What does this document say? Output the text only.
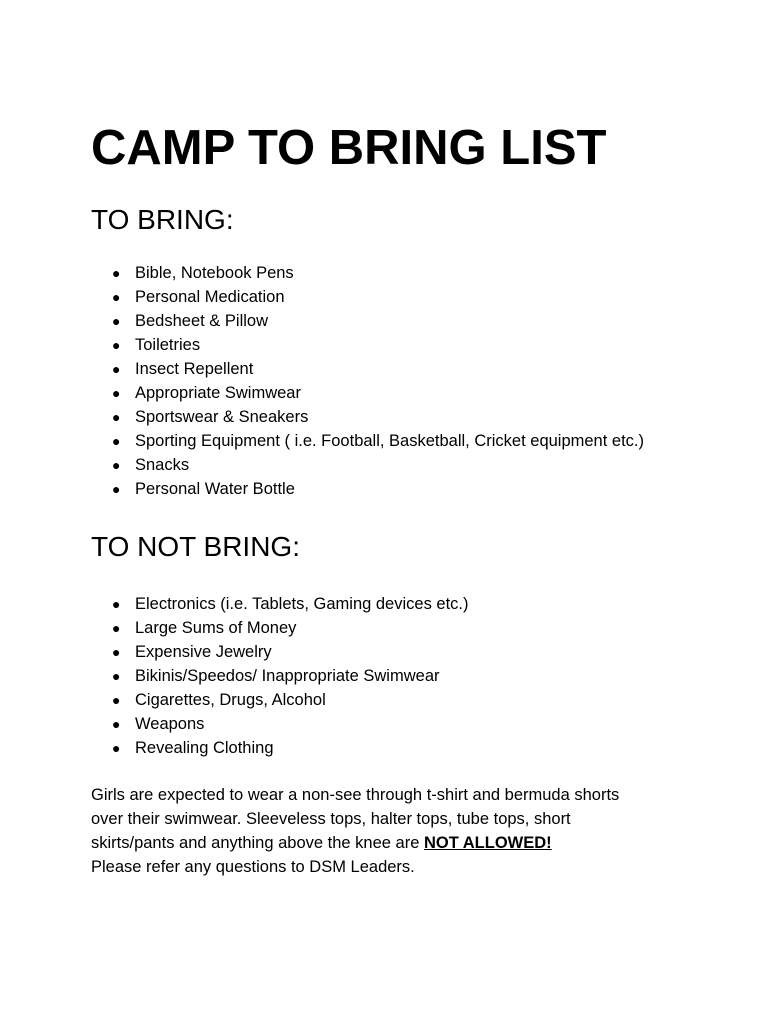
CAMP TO BRING LIST
TO BRING:
● Bible, Notebook Pens
● Personal Medication
● Bedsheet & Pillow
● Toiletries
● Insect Repellent
● Appropriate Swimwear
● Sportswear & Sneakers
● Sporting Equipment ( i.e. Football, Basketball, Cricket equipment etc.)
● Snacks
● Personal Water Bottle
TO NOT BRING:
● Electronics (i.e. Tablets, Gaming devices etc.)
● Large Sums of Money
● Expensive Jewelry
● Bikinis/Speedos/ Inappropriate Swimwear
● Cigarettes, Drugs, Alcohol
● Weapons
● Revealing Clothing

Girls are expected to wear a non-see through t-shirt and bermuda shorts
over their swimwear. Sleeveless tops, halter tops, tube tops, short
skirts/pants and anything above the knee are NOT ALLOWED!
Please refer any questions to DSM Leaders.
